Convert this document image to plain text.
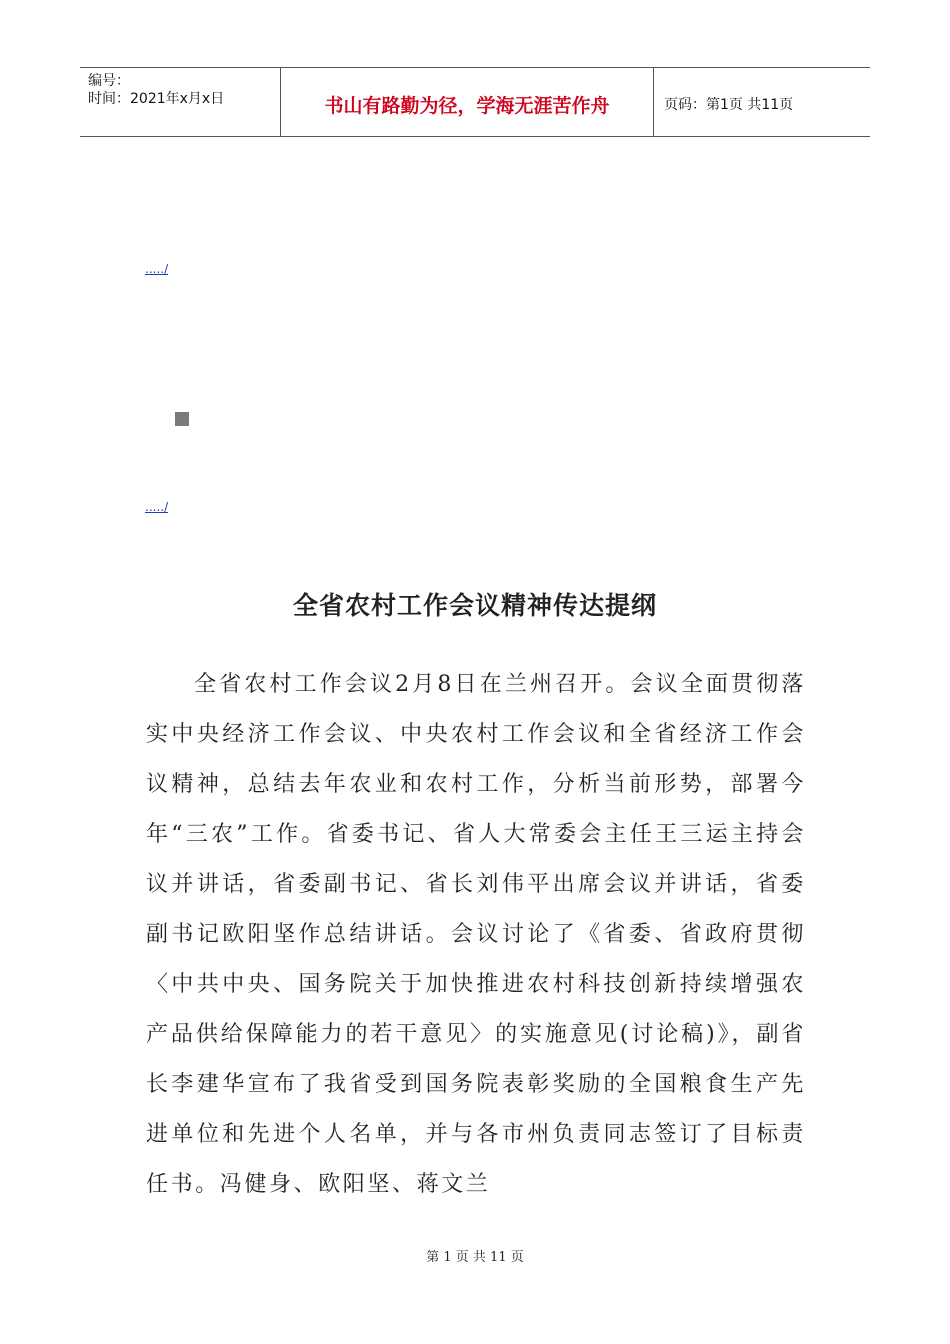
编号：
时间：2021年x月x日	书山有路勤为径，学海无涯苦作舟	页码：第1页 共11页
...../
...../
全省农村工作会议精神传达提纲

全省农村工作会议2月8日在兰州召开。会议全面贯彻落实中央经济工作会议、中央农村工作会议和全省经济工作会议精神，总结去年农业和农村工作，分析当前形势，部署今年“三农”工作。省委书记、省人大常委会主任王三运主持会议并讲话，省委副书记、省长刘伟平出席会议并讲话，省委副书记欧阳坚作总结讲话。会议讨论了《省委、省政府贯彻〈中共中央、国务院关于加快推进农村科技创新持续增强农产品供给保障能力的若干意见〉的实施意见(讨论稿)》，副省长李建华宣布了我省受到国务院表彰奖励的全国粮食生产先进单位和先进个人名单，并与各市州负责同志签订了目标责任书。冯健身、欧阳坚、蒋文兰

第 1 页 共 11 页
